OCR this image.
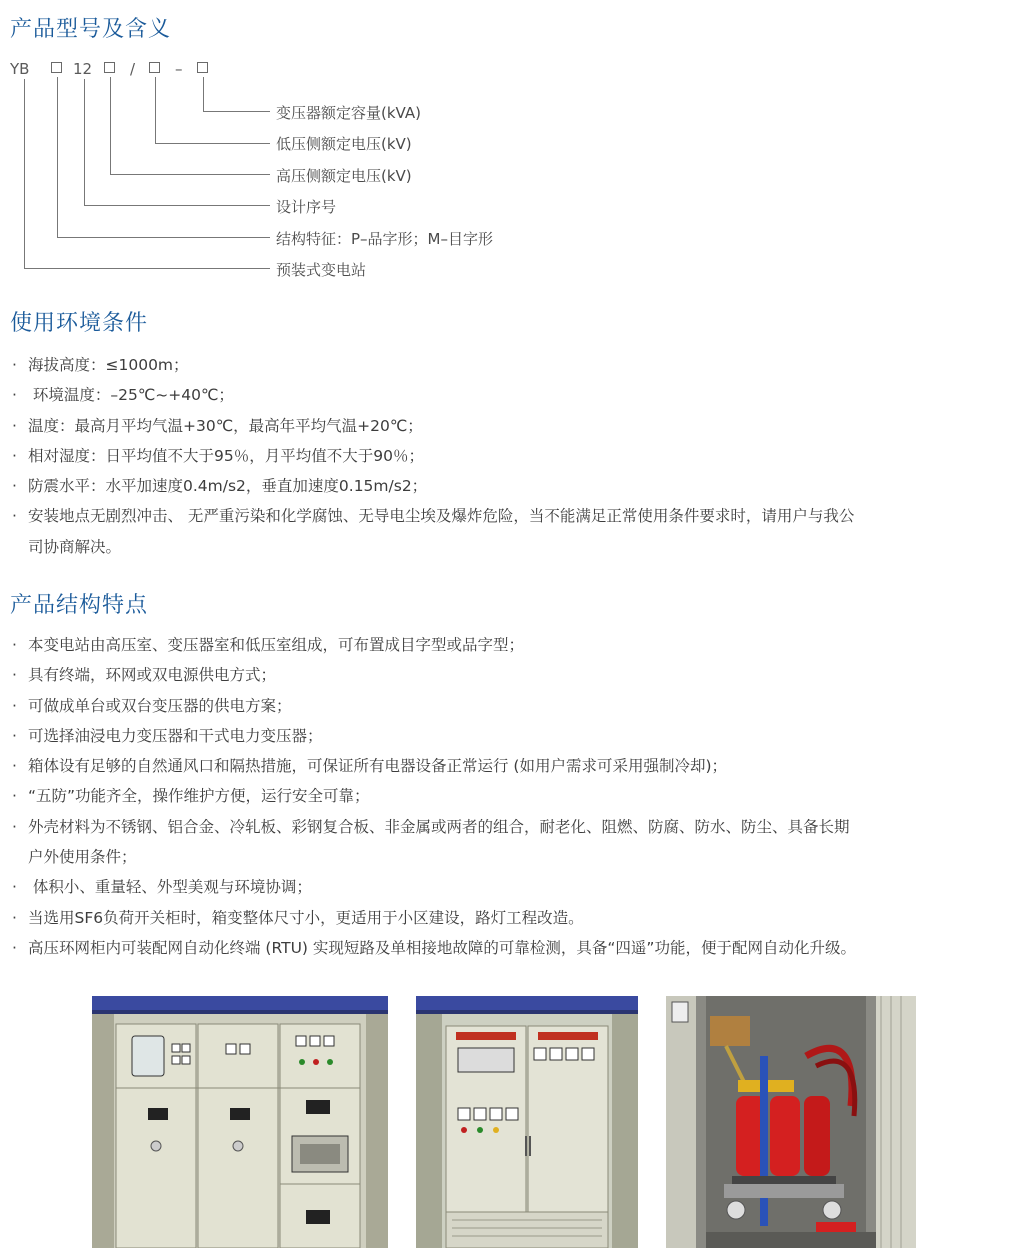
产品型号及含义
YB	12	/	–
变压器额定容量(kVA)
低压侧额定电压(kV)
高压侧额定电压(kV)
设计序号
结构特征：P–品字形；M–目字形
预装式变电站
使用环境条件
· 海拔高度：≤1000m；
· 环境温度：–25℃~+40℃；
· 温度：最高月平均气温+30℃，最高年平均气温+20℃；
· 相对湿度：日平均值不大于95％，月平均值不大于90％；
· 防震水平：水平加速度0.4m/s2，垂直加速度0.15m/s2；
· 安装地点无剧烈冲击、 无严重污染和化学腐蚀、无导电尘埃及爆炸危险，当不能满足正常使用条件要求时，请用户与我公
司协商解决。
产品结构特点
· 本变电站由高压室、变压器室和低压室组成，可布置成目字型或品字型；
· 具有终端，环网或双电源供电方式；
· 可做成单台或双台变压器的供电方案；
· 可选择油浸电力变压器和干式电力变压器；
· 箱体设有足够的自然通风口和隔热措施，可保证所有电器设备正常运行 (如用户需求可采用强制冷却)；
· “五防”功能齐全，操作维护方便，运行安全可靠；
· 外壳材料为不锈钢、铝合金、冷轧板、彩钢复合板、非金属或两者的组合，耐老化、阻燃、防腐、防水、防尘、具备长期
户外使用条件；
· 体积小、重量轻、外型美观与环境协调；
· 当选用SF6负荷开关柜时，箱变整体尺寸小，更适用于小区建设，路灯工程改造。
· 高压环网柜内可装配网自动化终端 (RTU) 实现短路及单相接地故障的可靠检测，具备“四遥”功能，便于配网自动化升级。
